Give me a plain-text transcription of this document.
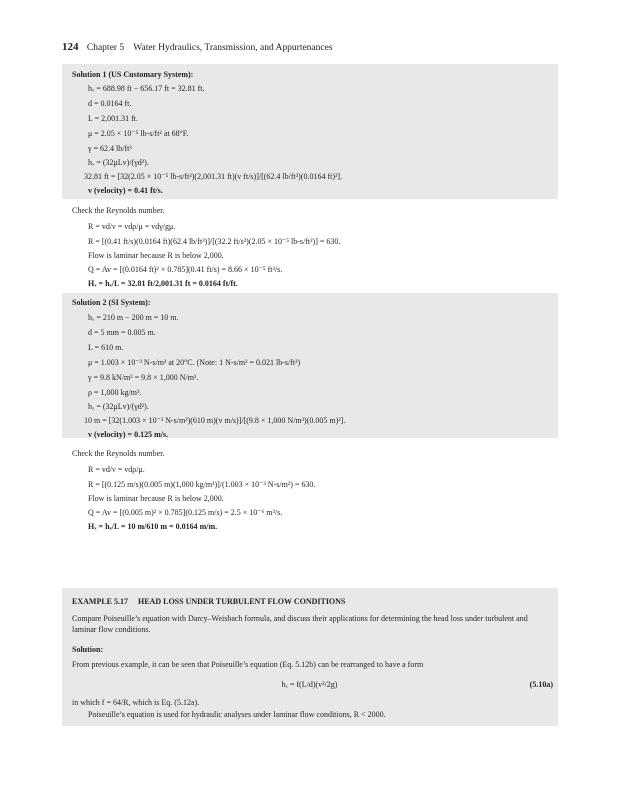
124 Chapter 5 Water Hydraulics, Transmission, and Appurtenances
Solution 1 (US Customary System):
hₓ = 688.98 ft − 656.17 ft = 32.81 ft.
d = 0.0164 ft.
L = 2,001.31 ft.
μ = 2.05 × 10⁻⁵ lb-s/ft² at 68°F.
γ = 62.4 lb/ft³
hₓ = (32μLv)/(γd²).
32.81 ft = [32(2.05 × 10⁻⁵ lb-s/ft²)(2,001.31 ft)(v ft/s)]/[(62.4 lb/ft³)(0.0164 ft)²].
v (velocity) = 0.41 ft/s.
Check the Reynolds number.
R = vd/ν = vdρ/μ = vdγ/gμ.
R = [(0.41 ft/s)(0.0164 ft)(62.4 lb/ft³)]/[(32.2 ft/s²)(2.05 × 10⁻⁵ lb-s/ft²)] = 630.
Flow is laminar because R is below 2,000.
Q = Av = [(0.0164 ft)² × 0.785](0.41 ft/s) = 8.66 × 10⁻⁵ ft³/s.
Hₓ = hₓ/L = 32.81 ft/2,001.31 ft = 0.0164 ft/ft.
Solution 2 (SI System):
hₓ = 210 m − 200 m = 10 m.
d = 5 mm = 0.005 m.
L = 610 m.
μ = 1.003 × 10⁻³ N-s/m² at 20°C. (Note: 1 N-s/m² = 0.021 lb-s/ft²)
γ = 9.8 kN/m³ = 9.8 × 1,000 N/m³.
ρ = 1,000 kg/m³.
hₓ = (32μLv)/(γd²).
10 m = [32(1.003 × 10⁻³ N-s/m²)(610 m)(v m/s)]/[(9.8 × 1,000 N/m³)(0.005 m)²].
v (velocity) = 0.125 m/s.
Check the Reynolds number.
R = vd/ν = vdρ/μ.
R = [(0.125 m/s)(0.005 m)(1,000 kg/m³)]/(1.003 × 10⁻³ N-s/m²) = 630.
Flow is laminar because R is below 2,000.
Q = Av = [(0.005 m)² × 0.785](0.125 m/s) = 2.5 × 10⁻⁶ m³/s.
Hₓ = hₓ/L = 10 m/610 m = 0.0164 m/m.
EXAMPLE 5.17 HEAD LOSS UNDER TURBULENT FLOW CONDITIONS
Compare Poiseuille’s equation with Darcy–Weisbach formula, and discuss their applications for determining the head loss under turbulent and laminar flow conditions.
Solution:
From previous example, it can be seen that Poiseuille’s equation (Eq. 5.12b) can be rearranged to have a form
hₓ = f(L/d)(v²/2g)	(5.10a)
in which f = 64/R, which is Eq. (5.12a).
Poiseuille’s equation is used for hydraulic analyses under laminar flow conditions, R < 2000.
